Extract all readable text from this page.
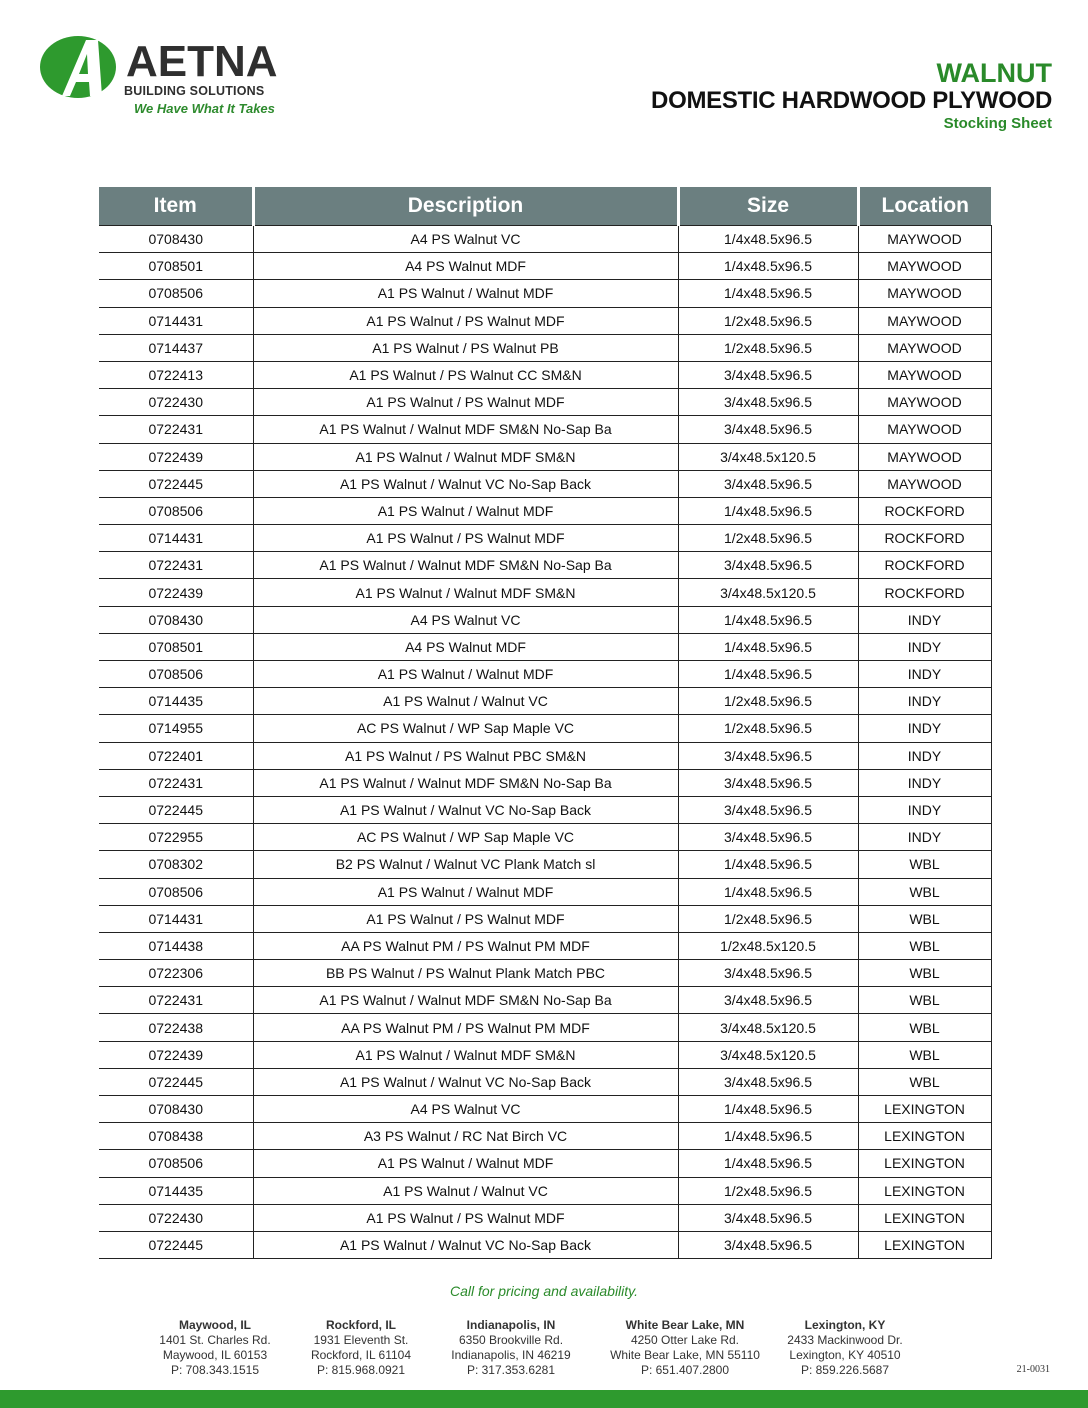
AETNA
BUILDING SOLUTIONS
We Have What It Takes
WALNUT
DOMESTIC HARDWOOD PLYWOOD
Stocking Sheet
Item	Description	Size	Location
0708430	A4 PS Walnut VC	1/4x48.5x96.5	MAYWOOD
0708501	A4 PS Walnut MDF	1/4x48.5x96.5	MAYWOOD
0708506	A1 PS Walnut / Walnut MDF	1/4x48.5x96.5	MAYWOOD
0714431	A1 PS Walnut / PS Walnut MDF	1/2x48.5x96.5	MAYWOOD
0714437	A1 PS Walnut / PS Walnut PB	1/2x48.5x96.5	MAYWOOD
0722413	A1 PS Walnut / PS Walnut CC SM&N	3/4x48.5x96.5	MAYWOOD
0722430	A1 PS Walnut / PS Walnut MDF	3/4x48.5x96.5	MAYWOOD
0722431	A1 PS Walnut / Walnut MDF SM&N No-Sap Ba	3/4x48.5x96.5	MAYWOOD
0722439	A1 PS Walnut / Walnut MDF SM&N	3/4x48.5x120.5	MAYWOOD
0722445	A1 PS Walnut / Walnut VC No-Sap Back	3/4x48.5x96.5	MAYWOOD
0708506	A1 PS Walnut / Walnut MDF	1/4x48.5x96.5	ROCKFORD
0714431	A1 PS Walnut / PS Walnut MDF	1/2x48.5x96.5	ROCKFORD
0722431	A1 PS Walnut / Walnut MDF SM&N No-Sap Ba	3/4x48.5x96.5	ROCKFORD
0722439	A1 PS Walnut / Walnut MDF SM&N	3/4x48.5x120.5	ROCKFORD
0708430	A4 PS Walnut VC	1/4x48.5x96.5	INDY
0708501	A4 PS Walnut MDF	1/4x48.5x96.5	INDY
0708506	A1 PS Walnut / Walnut MDF	1/4x48.5x96.5	INDY
0714435	A1 PS Walnut / Walnut VC	1/2x48.5x96.5	INDY
0714955	AC PS Walnut / WP Sap Maple VC	1/2x48.5x96.5	INDY
0722401	A1 PS Walnut / PS Walnut PBC SM&N	3/4x48.5x96.5	INDY
0722431	A1 PS Walnut / Walnut MDF SM&N No-Sap Ba	3/4x48.5x96.5	INDY
0722445	A1 PS Walnut / Walnut VC No-Sap Back	3/4x48.5x96.5	INDY
0722955	AC PS Walnut / WP Sap Maple VC	3/4x48.5x96.5	INDY
0708302	B2 PS Walnut / Walnut VC Plank Match sl	1/4x48.5x96.5	WBL
0708506	A1 PS Walnut / Walnut MDF	1/4x48.5x96.5	WBL
0714431	A1 PS Walnut / PS Walnut MDF	1/2x48.5x96.5	WBL
0714438	AA PS Walnut PM / PS Walnut PM MDF	1/2x48.5x120.5	WBL
0722306	BB PS Walnut / PS Walnut Plank Match PBC	3/4x48.5x96.5	WBL
0722431	A1 PS Walnut / Walnut MDF SM&N No-Sap Ba	3/4x48.5x96.5	WBL
0722438	AA PS Walnut PM / PS Walnut PM MDF	3/4x48.5x120.5	WBL
0722439	A1 PS Walnut / Walnut MDF SM&N	3/4x48.5x120.5	WBL
0722445	A1 PS Walnut / Walnut VC No-Sap Back	3/4x48.5x96.5	WBL
0708430	A4 PS Walnut VC	1/4x48.5x96.5	LEXINGTON
0708438	A3 PS Walnut / RC Nat Birch VC	1/4x48.5x96.5	LEXINGTON
0708506	A1 PS Walnut / Walnut MDF	1/4x48.5x96.5	LEXINGTON
0714435	A1 PS Walnut / Walnut VC	1/2x48.5x96.5	LEXINGTON
0722430	A1 PS Walnut / PS Walnut MDF	3/4x48.5x96.5	LEXINGTON
0722445	A1 PS Walnut / Walnut VC No-Sap Back	3/4x48.5x96.5	LEXINGTON
Call for pricing and availability.
Maywood, IL
1401 St. Charles Rd.
Maywood, IL 60153
P: 708.343.1515
Rockford, IL
1931 Eleventh St.
Rockford, IL 61104
P: 815.968.0921
Indianapolis, IN
6350 Brookville Rd.
Indianapolis, IN 46219
P: 317.353.6281
White Bear Lake, MN
4250 Otter Lake Rd.
White Bear Lake, MN 55110
P: 651.407.2800
Lexington, KY
2433 Mackinwood Dr.
Lexington, KY 40510
P: 859.226.5687	21-0031
